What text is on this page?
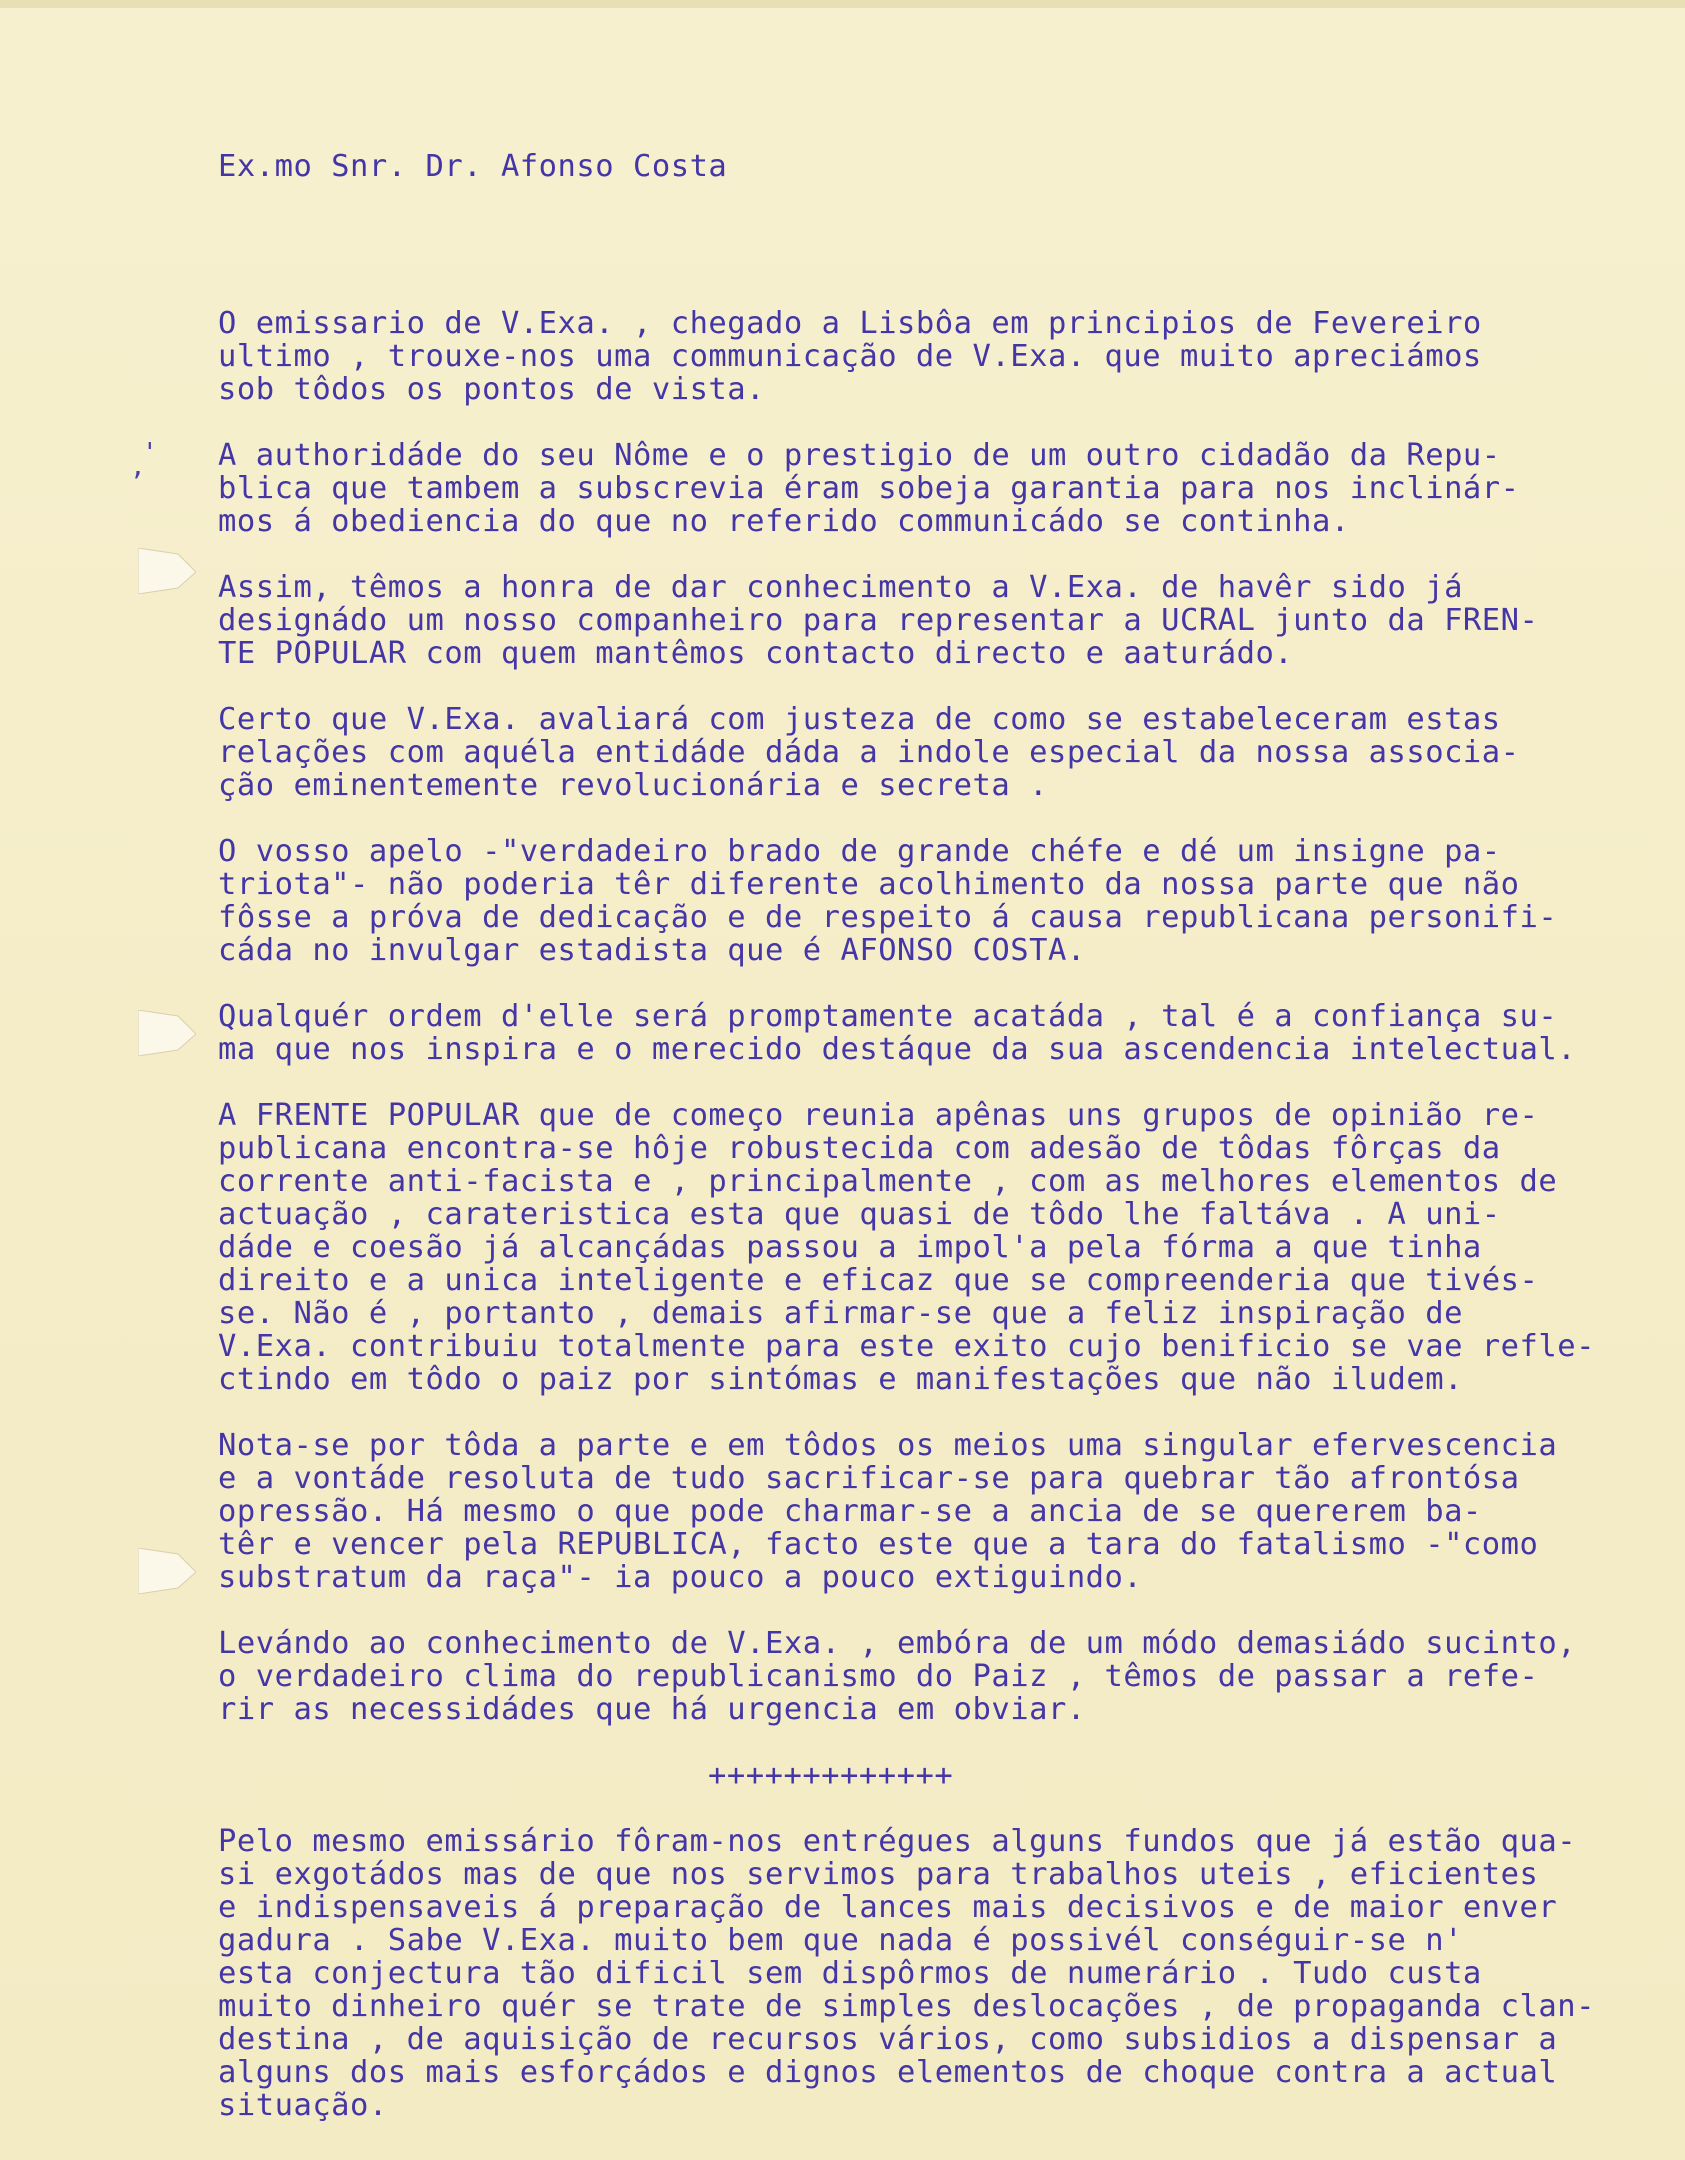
,
'
Ex.mo Snr. Dr. Afonso Costa
O emissario de V.Exa. , chegado a Lisbôa em principios de Fevereiro
ultimo , trouxe-nos uma communicação de V.Exa. que muito apreciámos
sob tôdos os pontos de vista.
A authoridáde do seu Nôme e o prestigio de um outro cidadão da Repu-
blica que tambem a subscrevia éram sobeja garantia para nos inclinár-
mos á obediencia do que no referido communicádo se continha.
Assim, têmos a honra de dar conhecimento a V.Exa. de havêr sido já
designádo um nosso companheiro para representar a UCRAL junto da FREN-
TE POPULAR com quem mantêmos contacto directo e aaturádo.
Certo que V.Exa. avaliará com justeza de como se estabeleceram estas
relações com aquéla entidáde dáda a indole especial da nossa associa-
ção eminentemente revolucionária e secreta .
O vosso apelo -"verdadeiro brado de grande chéfe e dé um insigne pa-
triota"- não poderia têr diferente acolhimento da nossa parte que não
fôsse a próva de dedicação e de respeito á causa republicana personifi-
cáda no invulgar estadista que é AFONSO COSTA.
Qualquér ordem d'elle será promptamente acatáda , tal é a confiança su-
ma que nos inspira e o merecido destáque da sua ascendencia intelectual.
A FRENTE POPULAR que de começo reunia apênas uns grupos de opinião re-
publicana encontra-se hôje robustecida com adesão de tôdas fôrças da
corrente anti-facista e , principalmente , com as melhores elementos de
actuação , carateristica esta que quasi de tôdo lhe faltáva . A uni-
dáde e coesão já alcançádas passou a impol'a pela fórma a que tinha
direito e a unica inteligente e eficaz que se compreenderia que tivés-
se. Não é , portanto , demais afirmar-se que a feliz inspiração de
V.Exa. contribuiu totalmente para este exito cujo benificio se vae refle-
ctindo em tôdo o paiz por sintómas e manifestações que não iludem.
Nota-se por tôda a parte e em tôdos os meios uma singular efervescencia
e a vontáde resoluta de tudo sacrificar-se para quebrar tão afrontósa
opressão. Há mesmo o que pode charmar-se a ancia de se quererem ba-
têr e vencer pela REPUBLICA, facto este que a tara do fatalismo -"como
substratum da raça"- ia pouco a pouco extiguindo.
Levándo ao conhecimento de V.Exa. , embóra de um módo demasiádo sucinto,
o verdadeiro clima do republicanismo do Paiz , têmos de passar a refe-
rir as necessidádes que há urgencia em obviar.
+++++++++++++
Pelo mesmo emissário fôram-nos entrégues alguns fundos que já estão qua-
si exgotádos mas de que nos servimos para trabalhos uteis , eficientes
e indispensaveis á preparação de lances mais decisivos e de maior enver
gadura . Sabe V.Exa. muito bem que nada é possivél conséguir-se n'
esta conjectura tão dificil sem dispôrmos de numerário . Tudo custa
muito dinheiro quér se trate de simples deslocações , de propaganda clan-
destina , de aquisição de recursos vários, como subsidios a dispensar a
alguns dos mais esforçádos e dignos elementos de choque contra a actual
situação.
